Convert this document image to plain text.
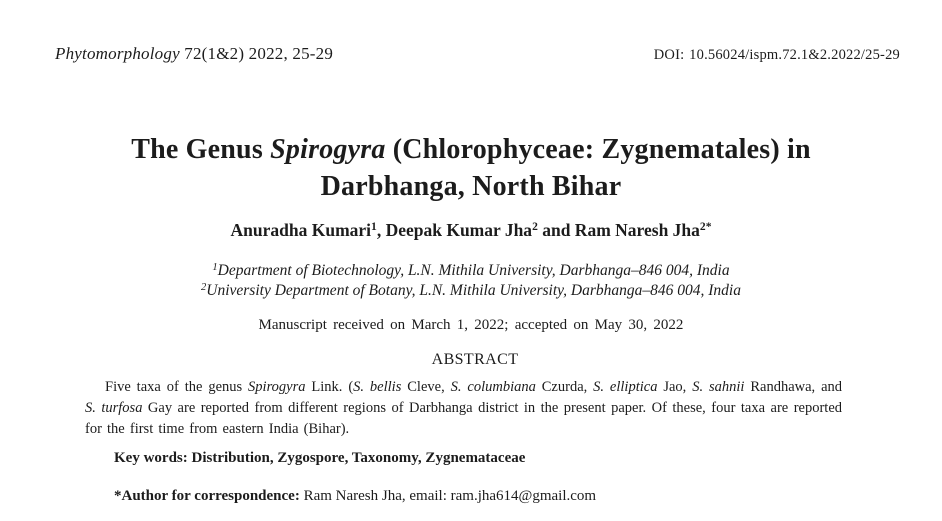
Phytomorphology 72(1&2) 2022, 25-29	DOI: 10.56024/ispm.72.1&2.2022/25-29
The Genus Spirogyra (Chlorophyceae: Zygnematales) in
Darbhanga, North Bihar
Anuradha Kumari$^1$, Deepak Kumar Jha$^2$ and Ram Naresh Jha$^{2*}$
$^1$Department of Biotechnology, L.N. Mithila University, Darbhanga–846 004, India
$^2$University Department of Botany, L.N. Mithila University, Darbhanga–846 004, India
Manuscript received on March 1, 2022; accepted on May 30, 2022
ABSTRACT
Five taxa of the genus Spirogyra Link. (S. bellis Cleve, S. columbiana Czurda, S. elliptica Jao, S. sahnii Randhawa, and S. turfosa Gay are reported from different regions of Darbhanga district in the present paper. Of these, four taxa are reported for the first time from eastern India (Bihar).
Key words: Distribution, Zygospore, Taxonomy, Zygnemataceae
*Author for correspondence: Ram Naresh Jha, email: ram.jha614@gmail.com
